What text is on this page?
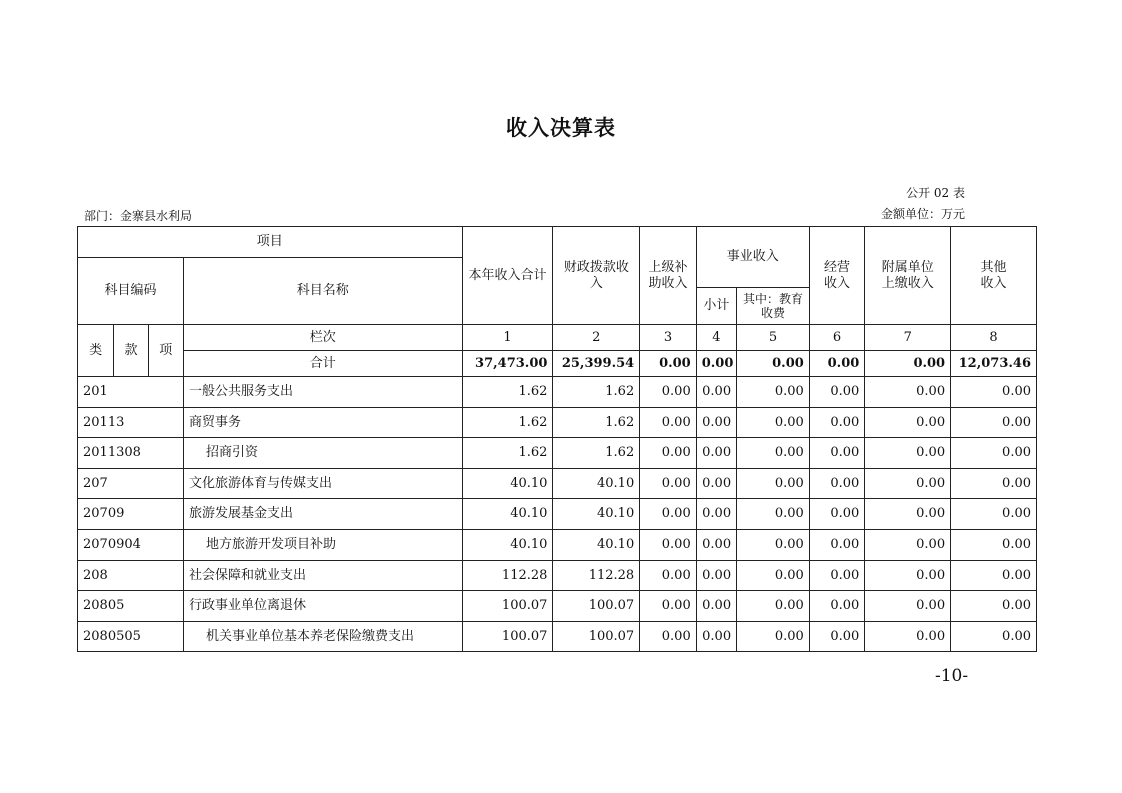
收入决算表
公开 02 表
部门：金寨县水利局	金额单位：万元
项目				本年收入合计	财政拨款收入	上级补助收入	事业收入		经营收入	附属单位上缴收入	其他收入
科目编码			科目名称								
							小计	其中：教育收费			
类	款	项	栏次	1	2	3	4	5	6	7	8
			合计	37,473.00	25,399.54	0.00	0.00	0.00	0.00	0.00	12,073.46
201			一般公共服务支出	1.62	1.62	0.00	0.00	0.00	0.00	0.00	0.00
20113			商贸事务	1.62	1.62	0.00	0.00	0.00	0.00	0.00	0.00
2011308			招商引资	1.62	1.62	0.00	0.00	0.00	0.00	0.00	0.00
207			文化旅游体育与传媒支出	40.10	40.10	0.00	0.00	0.00	0.00	0.00	0.00
20709			旅游发展基金支出	40.10	40.10	0.00	0.00	0.00	0.00	0.00	0.00
2070904			地方旅游开发项目补助	40.10	40.10	0.00	0.00	0.00	0.00	0.00	0.00
208			社会保障和就业支出	112.28	112.28	0.00	0.00	0.00	0.00	0.00	0.00
20805			行政事业单位离退休	100.07	100.07	0.00	0.00	0.00	0.00	0.00	0.00
2080505			机关事业单位基本养老保险缴费支出	100.07	100.07	0.00	0.00	0.00	0.00	0.00	0.00
-10-
